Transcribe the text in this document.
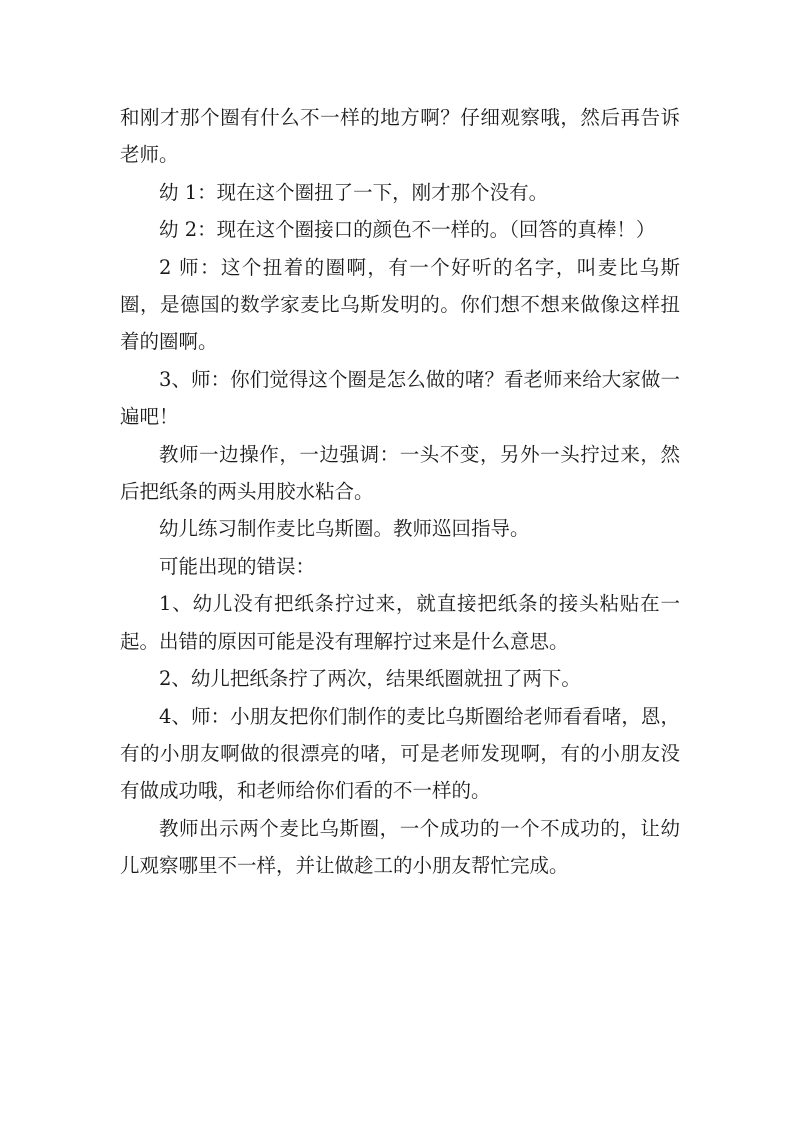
和刚才那个圈有什么不一样的地方啊？仔细观察哦，然后再告诉老师。

幼 1：现在这个圈扭了一下，刚才那个没有。

幼 2：现在这个圈接口的颜色不一样的。（回答的真棒！）

2 师：这个扭着的圈啊，有一个好听的名字，叫麦比乌斯圈，是德国的数学家麦比乌斯发明的。你们想不想来做像这样扭着的圈啊。

3、师：你们觉得这个圈是怎么做的啫？看老师来给大家做一遍吧！

教师一边操作，一边强调：一头不变，另外一头拧过来，然后把纸条的两头用胶水粘合。

幼儿练习制作麦比乌斯圈。教师巡回指导。

可能出现的错误：

1、幼儿没有把纸条拧过来，就直接把纸条的接头粘贴在一起。出错的原因可能是没有理解拧过来是什么意思。

2、幼儿把纸条拧了两次，结果纸圈就扭了两下。

4、师：小朋友把你们制作的麦比乌斯圈给老师看看啫，恩，有的小朋友啊做的很漂亮的啫，可是老师发现啊，有的小朋友没有做成功哦，和老师给你们看的不一样的。

教师出示两个麦比乌斯圈，一个成功的一个不成功的，让幼儿观察哪里不一样，并让做趁工的小朋友帮忙完成。
